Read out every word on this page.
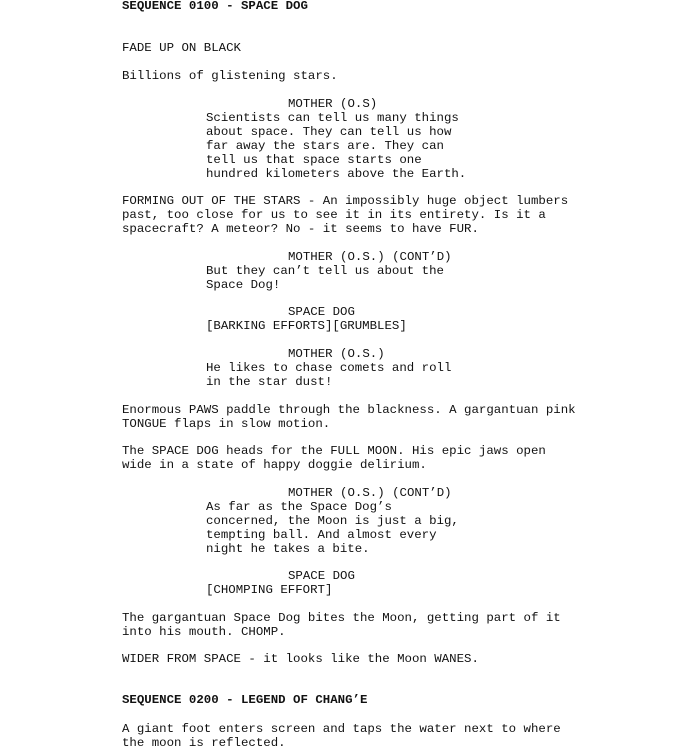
SEQUENCE 0100 - SPACE DOG
FADE UP ON BLACK
Billions of glistening stars.
MOTHER (O.S)
Scientists can tell us many things
about space. They can tell us how
far away the stars are. They can
tell us that space starts one
hundred kilometers above the Earth.
FORMING OUT OF THE STARS - An impossibly huge object lumbers
past, too close for us to see it in its entirety. Is it a
spacecraft? A meteor? No - it seems to have FUR.
MOTHER (O.S.) (CONT’D)
But they can’t tell us about the
Space Dog!
SPACE DOG
[BARKING EFFORTS][GRUMBLES]
MOTHER (O.S.)
He likes to chase comets and roll
in the star dust!
Enormous PAWS paddle through the blackness. A gargantuan pink
TONGUE flaps in slow motion.
The SPACE DOG heads for the FULL MOON. His epic jaws open
wide in a state of happy doggie delirium.
MOTHER (O.S.) (CONT’D)
As far as the Space Dog’s
concerned, the Moon is just a big,
tempting ball. And almost every
night he takes a bite.
SPACE DOG
[CHOMPING EFFORT]
The gargantuan Space Dog bites the Moon, getting part of it
into his mouth. CHOMP.
WIDER FROM SPACE - it looks like the Moon WANES.
SEQUENCE 0200 - LEGEND OF CHANG’E
A giant foot enters screen and taps the water next to where
the moon is reflected.
